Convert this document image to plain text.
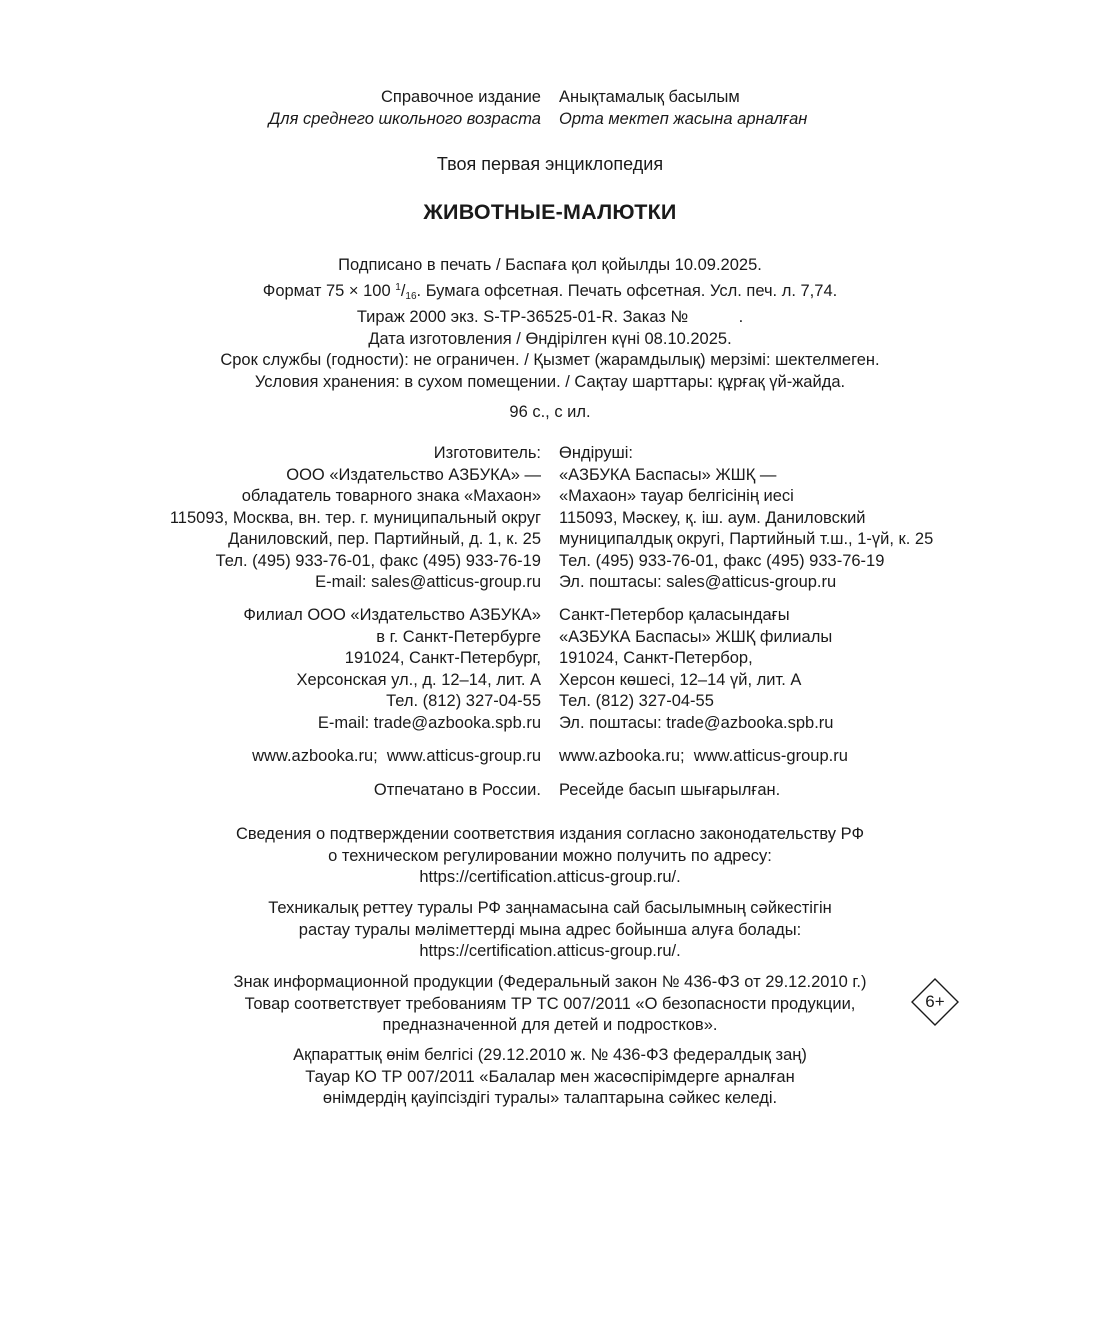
Справочное издание
Для среднего школьного возраста
Анықтамалық басылым
Орта мектеп жасына арналған
Твоя первая энциклопедия
ЖИВОТНЫЕ-МАЛЮТКИ
Подписано в печать / Баспаға қол қойылды 10.09.2025.
Формат 75 × 100 $^1$/16. Бумага офсетная. Печать офсетная. Усл. печ. л. 7,74.
Тираж 2000 экз. S-TP-36525-01-R. Заказ №           .
Дата изготовления / Өндірілген күні 08.10.2025.
Срок службы (годности): не ограничен. / Қызмет (жарамдылық) мерзімі: шектелмеген.
Условия хранения: в сухом помещении. / Сақтау шарттары: құрғақ үй-жайда.
96 с., с ил.
Изготовитель:
ООО «Издательство АЗБУКА» —
обладатель товарного знака «Махаон»
115093, Москва, вн. тер. г. муниципальный округ
Даниловский, пер. Партийный, д. 1, к. 25
Тел. (495) 933-76-01, факс (495) 933-76-19
E-mail: sales@atticus-group.ru
Өндіруші:
«АЗБУКА Баспасы» ЖШҚ —
«Махаон» тауар белгісінің иесі
115093, Мәскеу, қ. іш. аум. Даниловский
муниципалдық округі, Партийный т.ш., 1-үй, к. 25
Тел. (495) 933-76-01, факс (495) 933-76-19
Эл. поштасы: sales@atticus-group.ru
Филиал ООО «Издательство АЗБУКА»
в г. Санкт-Петербурге
191024, Санкт-Петербург,
Херсонская ул., д. 12–14, лит. А
Тел. (812) 327-04-55
E-mail: trade@azbooka.spb.ru
Санкт-Петербор қаласындағы
«АЗБУКА Баспасы» ЖШҚ филиалы
191024, Санкт-Петербор,
Херсон көшесі, 12–14 үй, лит. А
Тел. (812) 327-04-55
Эл. поштасы: trade@azbooka.spb.ru
www.azbooka.ru;  www.atticus-group.ru www.azbooka.ru;  www.atticus-group.ru
Отпечатано в России. Ресейде басып шығарылған.
Сведения о подтверждении соответствия издания согласно законодательству РФ
о техническом регулировании можно получить по адресу:
https://certification.atticus-group.ru/.
Техникалық реттеу туралы РФ заңнамасына сай басылымның сәйкестігін
растау туралы мәліметтерді мына адрес бойынша алуға болады:
https://certification.atticus-group.ru/.
Знак информационной продукции (Федеральный закон № 436-ФЗ от 29.12.2010 г.)
Товар соответствует требованиям ТР ТС 007/2011 «О безопасности продукции,
предназначенной для детей и подростков».
6+
Ақпараттық өнім белгісі (29.12.2010 ж. № 436-ФЗ федералдық заң)
Тауар КО ТР 007/2011 «Балалар мен жасөспірімдерге арналған
өнімдердің қауіпсіздігі туралы» талаптарына сәйкес келеді.
